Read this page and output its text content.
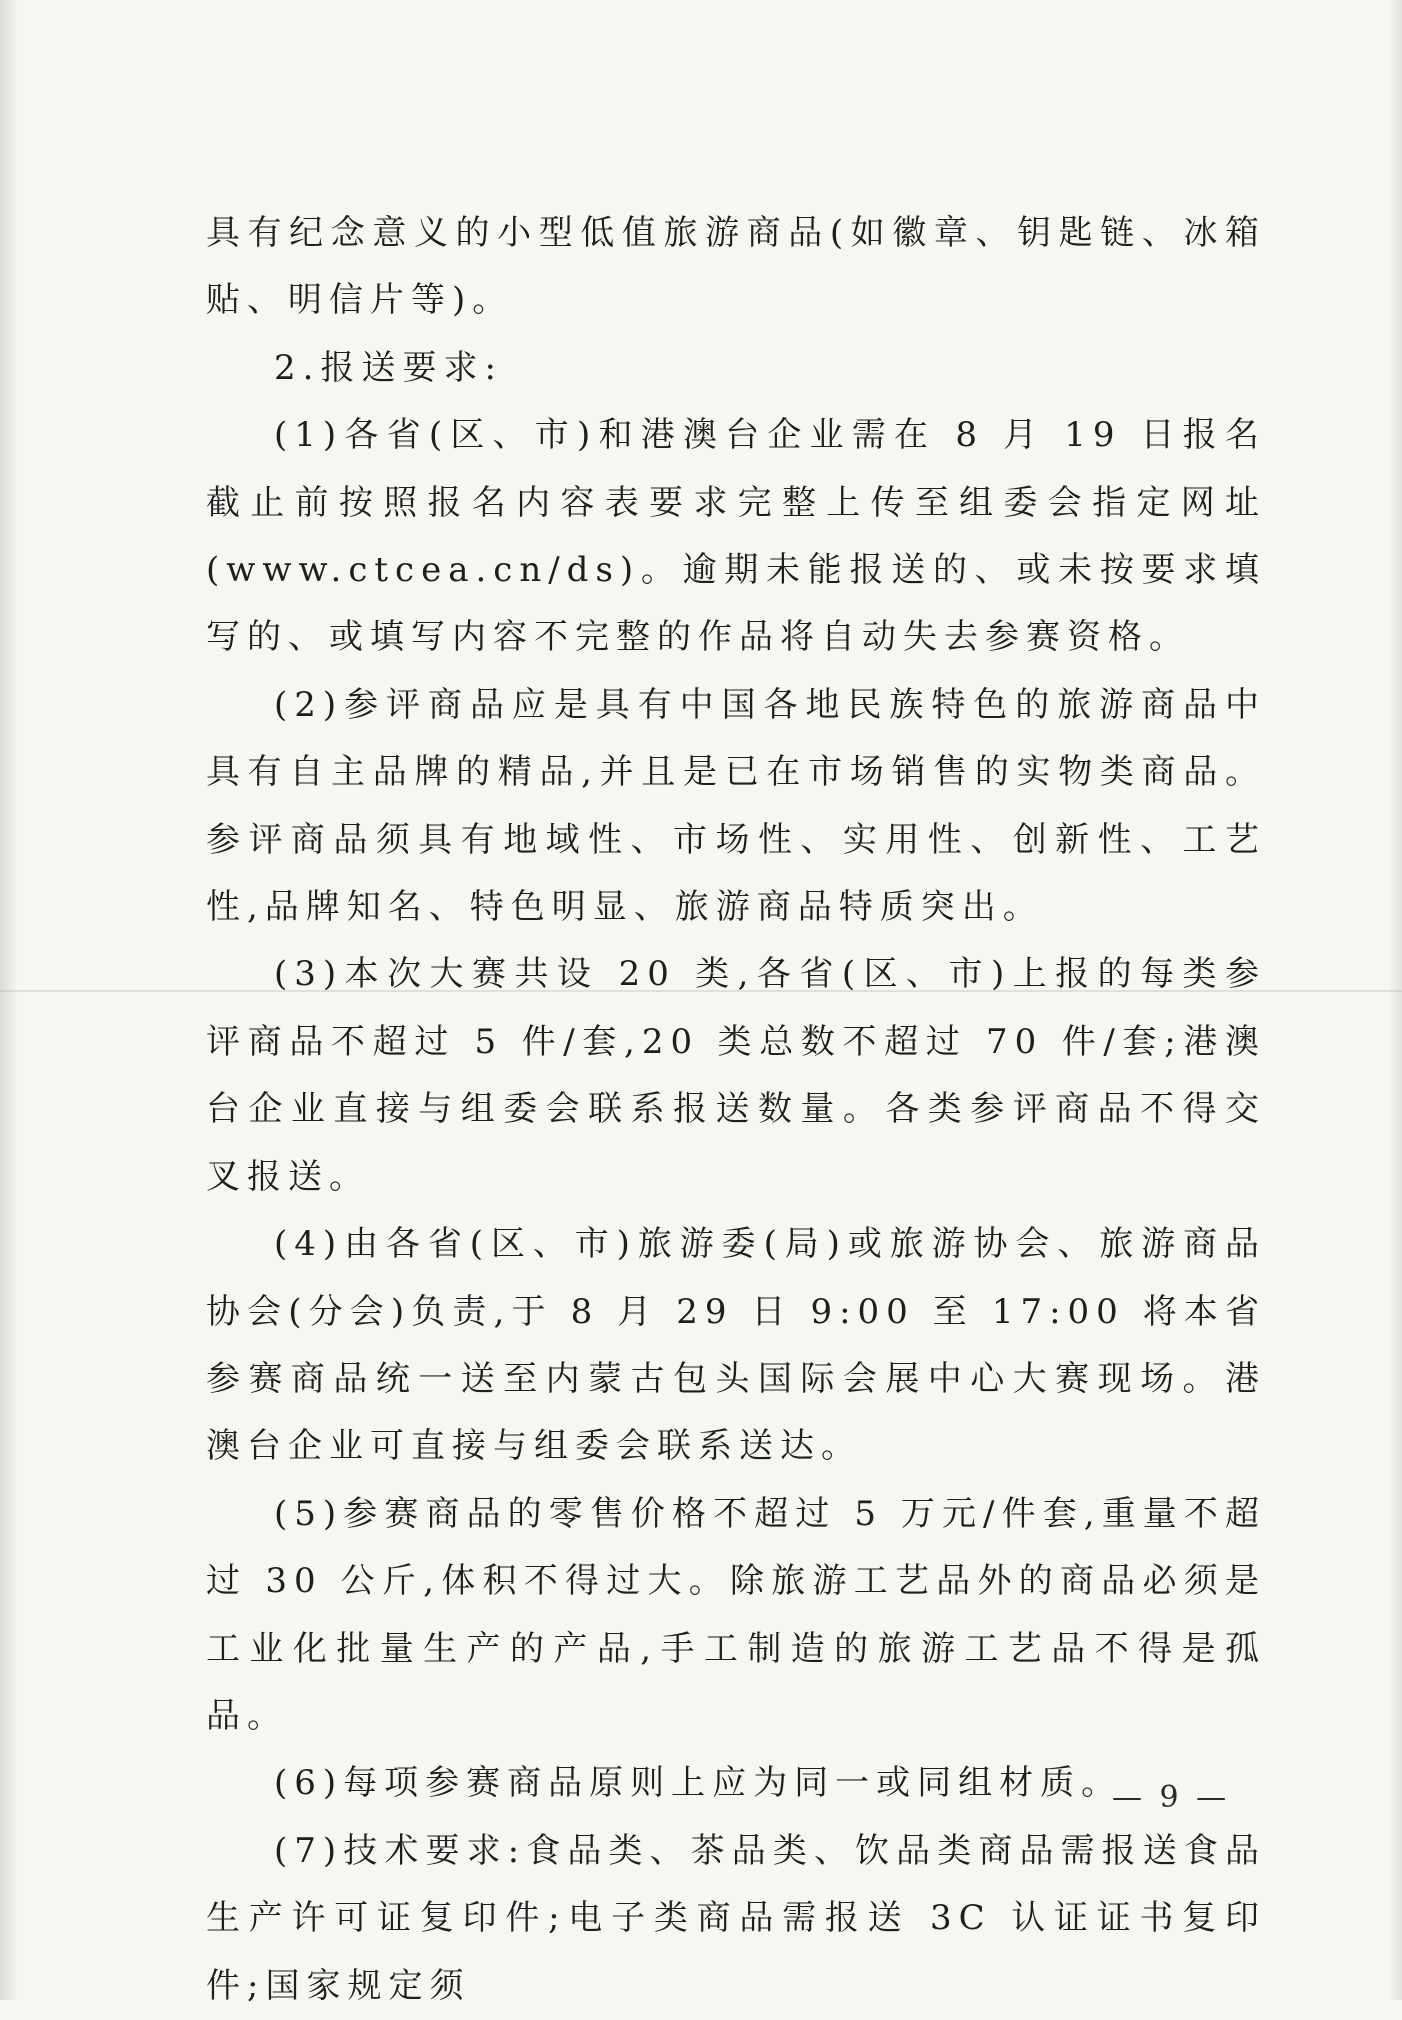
具有纪念意义的小型低值旅游商品(如徽章、钥匙链、冰箱贴、明信片等)。

2.报送要求:

(1)各省(区、市)和港澳台企业需在 8 月 19 日报名截止前按照报名内容表要求完整上传至组委会指定网址(www.ctcea.cn/ds)。逾期未能报送的、或未按要求填写的、或填写内容不完整的作品将自动失去参赛资格。

(2)参评商品应是具有中国各地民族特色的旅游商品中具有自主品牌的精品,并且是已在市场销售的实物类商品。参评商品须具有地域性、市场性、实用性、创新性、工艺性,品牌知名、特色明显、旅游商品特质突出。

(3)本次大赛共设 20 类,各省(区、市)上报的每类参评商品不超过 5 件/套,20 类总数不超过 70 件/套;港澳台企业直接与组委会联系报送数量。各类参评商品不得交叉报送。

(4)由各省(区、市)旅游委(局)或旅游协会、旅游商品协会(分会)负责,于 8 月 29 日 9:00 至 17:00 将本省参赛商品统一送至内蒙古包头国际会展中心大赛现场。港澳台企业可直接与组委会联系送达。

(5)参赛商品的零售价格不超过 5 万元/件套,重量不超过 30 公斤,体积不得过大。除旅游工艺品外的商品必须是工业化批量生产的产品,手工制造的旅游工艺品不得是孤品。

(6)每项参赛商品原则上应为同一或同组材质。

(7)技术要求:食品类、茶品类、饮品类商品需报送食品生产许可证复印件;电子类商品需报送 3C 认证证书复印件;国家规定须

— 9 —
